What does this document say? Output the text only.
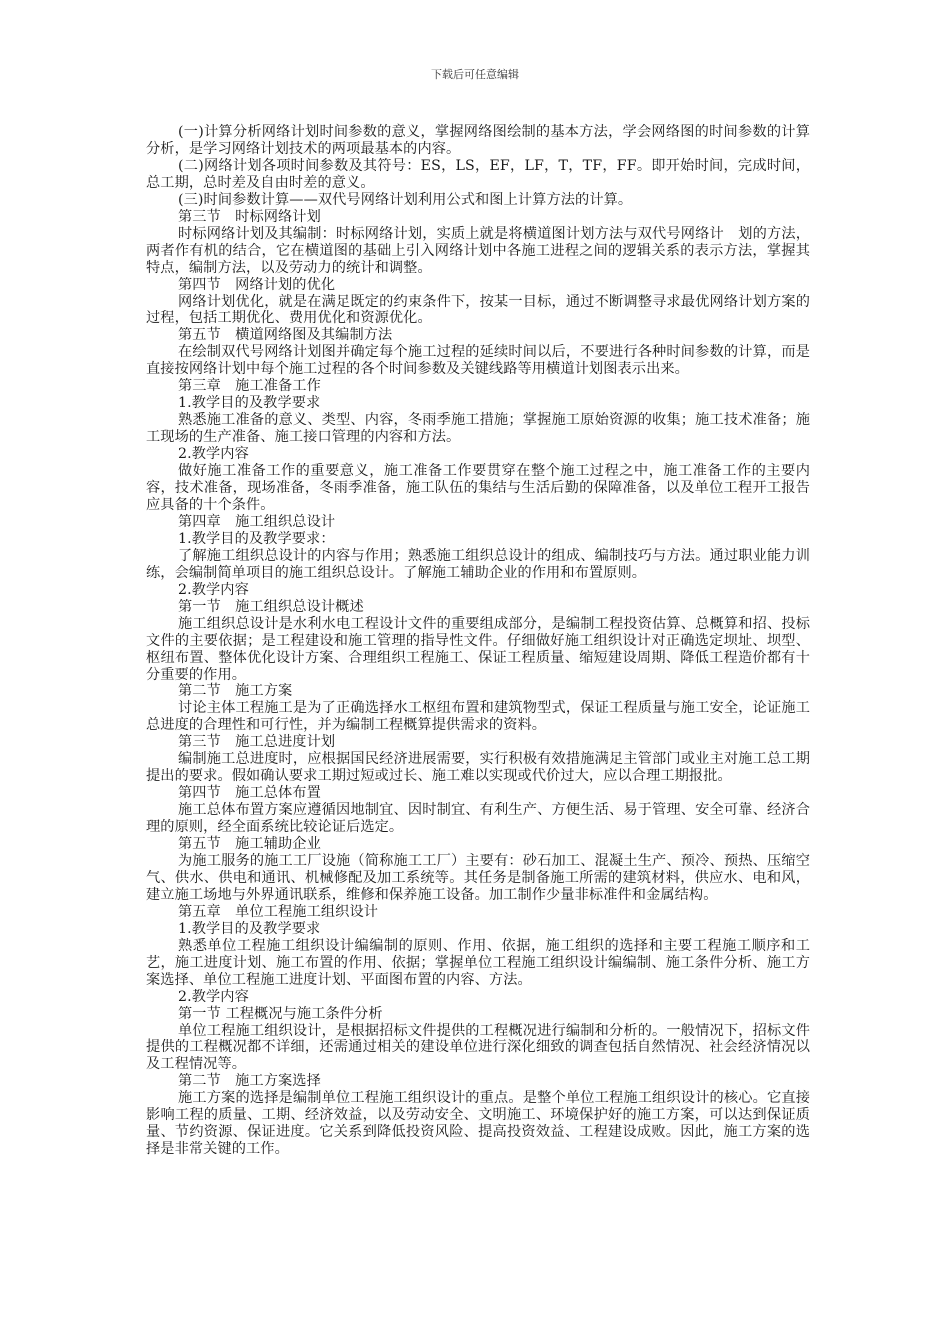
下载后可任意编辑

(一)计算分析网络计划时间参数的意义，掌握网络图绘制的基本方法，学会网络图的时间参数的计算分析，是学习网络计划技术的两项最基本的内容。

(二)网络计划各项时间参数及其符号：ES，LS，EF，LF，T，TF，FF。即开始时间，完成时间，总工期，总时差及自由时差的意义。

(三)时间参数计算——双代号网络计划利用公式和图上计算方法的计算。

第三节　时标网络计划

时标网络计划及其编制：时标网络计划，实质上就是将横道图计划方法与双代号网络计　划的方法，两者作有机的结合，它在横道图的基础上引入网络计划中各施工进程之间的逻辑关系的表示方法，掌握其特点，编制方法，以及劳动力的统计和调整。

第四节　网络计划的优化

网络计划优化，就是在满足既定的约束条件下，按某一目标，通过不断调整寻求最优网络计划方案的过程，包括工期优化、费用优化和资源优化。

第五节　横道网络图及其编制方法

在绘制双代号网络计划图并确定每个施工过程的延续时间以后，不要进行各种时间参数的计算，而是直接按网络计划中每个施工过程的各个时间参数及关键线路等用横道计划图表示出来。

第三章　施工准备工作

1.教学目的及教学要求

熟悉施工准备的意义、类型、内容，冬雨季施工措施；掌握施工原始资源的收集；施工技术准备；施工现场的生产准备、施工接口管理的内容和方法。

2.教学内容

做好施工准备工作的重要意义，施工准备工作要贯穿在整个施工过程之中，施工准备工作的主要内容，技术准备，现场准备，冬雨季准备，施工队伍的集结与生活后勤的保障准备，以及单位工程开工报告应具备的十个条件。

第四章　施工组织总设计

1.教学目的及教学要求：

了解施工组织总设计的内容与作用；熟悉施工组织总设计的组成、编制技巧与方法。通过职业能力训练，会编制简单项目的施工组织总设计。了解施工辅助企业的作用和布置原则。

2.教学内容

第一节　施工组织总设计概述

施工组织总设计是水利水电工程设计文件的重要组成部分，是编制工程投资估算、总概算和招、投标文件的主要依据；是工程建设和施工管理的指导性文件。仔细做好施工组织设计对正确选定坝址、坝型、枢纽布置、整体优化设计方案、合理组织工程施工、保证工程质量、缩短建设周期、降低工程造价都有十分重要的作用。

第二节　施工方案

讨论主体工程施工是为了正确选择水工枢纽布置和建筑物型式，保证工程质量与施工安全，论证施工总进度的合理性和可行性，并为编制工程概算提供需求的资料。

第三节　施工总进度计划

编制施工总进度时，应根据国民经济进展需要，实行积极有效措施满足主管部门或业主对施工总工期提出的要求。假如确认要求工期过短或过长、施工难以实现或代价过大，应以合理工期报批。

第四节　施工总体布置

施工总体布置方案应遵循因地制宜、因时制宜、有利生产、方便生活、易于管理、安全可靠、经济合理的原则，经全面系统比较论证后选定。

第五节　施工辅助企业

为施工服务的施工工厂设施（简称施工工厂）主要有：砂石加工、混凝土生产、预冷、预热、压缩空气、供水、供电和通讯、机械修配及加工系统等。其任务是制备施工所需的建筑材料，供应水、电和风，建立施工场地与外界通讯联系，维修和保养施工设备。加工制作少量非标准件和金属结构。

第五章　单位工程施工组织设计

1.教学目的及教学要求

熟悉单位工程施工组织设计编编制的原则、作用、依据，施工组织的选择和主要工程施工顺序和工艺，施工进度计划、施工布置的作用、依据；掌握单位工程施工组织设计编编制、施工条件分析、施工方案选择、单位工程施工进度计划、平面图布置的内容、方法。

2.教学内容

第一节 工程概况与施工条件分析

单位工程施工组织设计，是根据招标文件提供的工程概况进行编制和分析的。一般情况下，招标文件提供的工程概况都不详细，还需通过相关的建设单位进行深化细致的调查包括自然情况、社会经济情况以及工程情况等。

第二节　施工方案选择

施工方案的选择是编制单位工程施工组织设计的重点。是整个单位工程施工组织设计的核心。它直接影响工程的质量、工期、经济效益，以及劳动安全、文明施工、环境保护好的施工方案，可以达到保证质量、节约资源、保证进度。它关系到降低投资风险、提高投资效益、工程建设成败。因此，施工方案的选择是非常关键的工作。
